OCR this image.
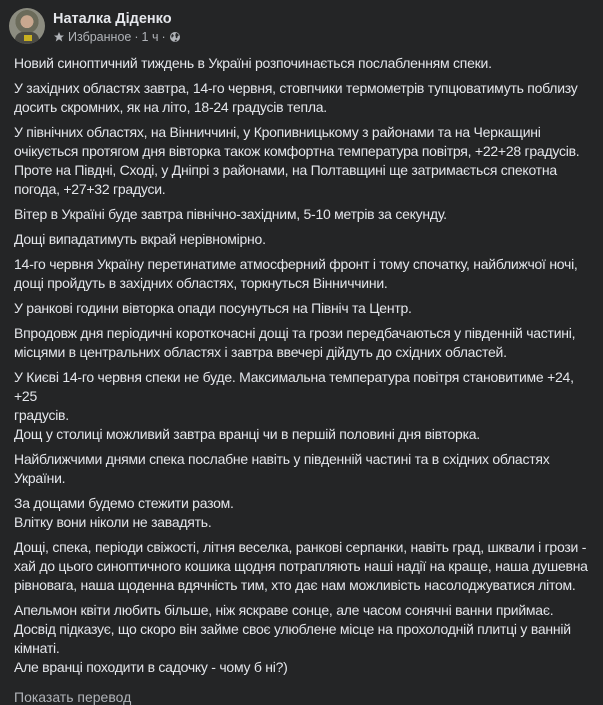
Наталка Діденко
Избранное · 1 ч ·
Новий синоптичний тиждень в Україні розпочинається послабленням спеки.
У західних областях завтра, 14-го червня, стовпчики термометрів тупцюватимуть поблизу
досить скромних, як на літо, 18-24 градусів тепла.
У північних областях, на Вінниччині, у Кропивницькому з районами та на Черкащині
очікується протягом дня вівторка також комфортна температура повітря, +22+28 градусів.
Проте на Півдні, Сході, у Дніпрі з районами, на Полтавщині ще затримається спекотна
погода, +27+32 градуси.
Вітер в Україні буде завтра північно-західним, 5-10 метрів за секунду.
Дощі випадатимуть вкрай нерівномірно.
14-го червня Україну перетинатиме атмосферний фронт і тому спочатку, найближчої ночі,
дощі пройдуть в західних областях, торкнуться Вінниччини.
У ранкові години вівторка опади посунуться на Північ та Центр.
Впродовж дня періодичні короткочасні дощі та грози передбачаються у південній частині,
місцями в центральних областях і завтра ввечері дійдуть до східних областей.
У Києві 14-го червня спеки не буде. Максимальна температура повітря становитиме +24, +25
градусів.
Дощ у столиці можливий завтра вранці чи в першій половині дня вівторка.
Найближчими днями спека послабне навіть у південній частині та в східних областях
України.
За дощами будемо стежити разом.
Влітку вони ніколи не завадять.
Дощі, спека, періоди свіжості, літня веселка, ранкові серпанки, навіть град, шквали і грози -
хай до цього синоптичного кошика щодня потрапляють наші надії на краще, наша душевна
рівновага, наша щоденна вдячність тим, хто дає нам можливість насолоджуватися літом.
Апельмон квіти любить більше, ніж яскраве сонце, але часом сонячні ванни приймає.
Досвід підказує, що скоро він займе своє улюблене місце на прохолодній плитці у ванній
кімнаті.
Але вранці походити в садочку - чому б ні?)
Показать перевод
